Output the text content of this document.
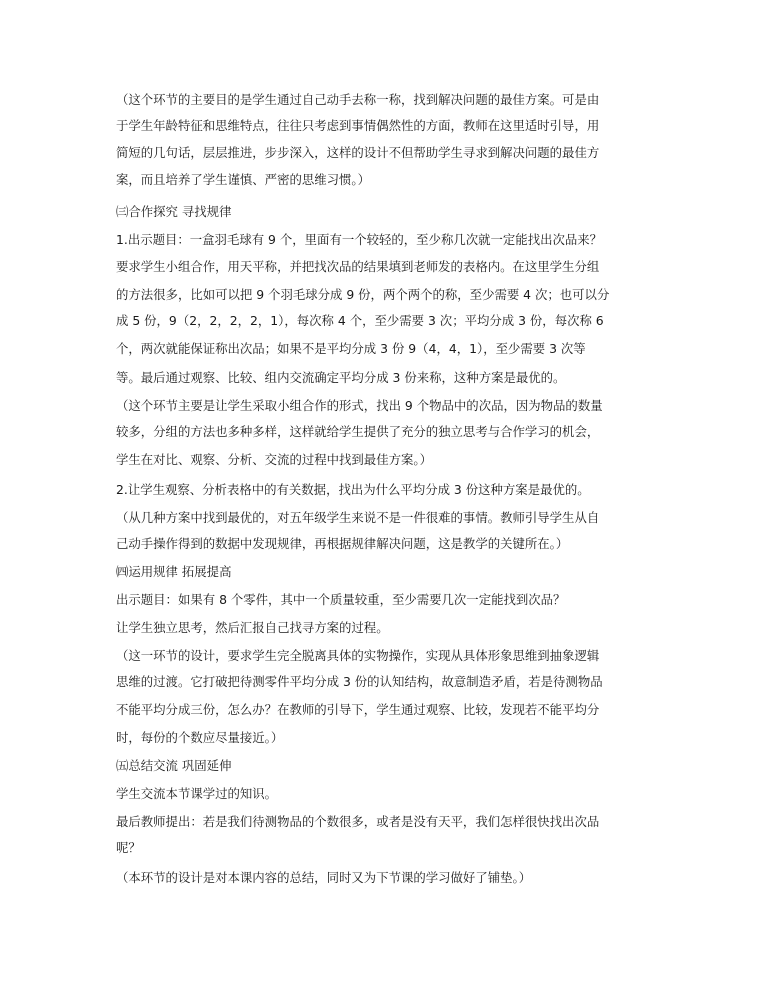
（这个环节的主要目的是学生通过自己动手去称一称，找到解决问题的最佳方案。可是由
于学生年龄特征和思维特点，往往只考虑到事情偶然性的方面，教师在这里适时引导，用
简短的几句话，层层推进，步步深入，这样的设计不但帮助学生寻求到解决问题的最佳方
案，而且培养了学生谨慎、严密的思维习惯。）
㈢合作探究 寻找规律
1.出示题目：一盒羽毛球有 9 个，里面有一个较轻的，至少称几次就一定能找出次品来？
要求学生小组合作，用天平称，并把找次品的结果填到老师发的表格内。在这里学生分组
的方法很多，比如可以把 9 个羽毛球分成 9 份，两个两个的称，至少需要 4 次；也可以分
成 5 份，9（2，2，2，2，1），每次称 4 个，至少需要 3 次；平均分成 3 份，每次称 6
个，两次就能保证称出次品；如果不是平均分成 3 份 9（4，4，1），至少需要 3 次等
等。最后通过观察、比较、组内交流确定平均分成 3 份来称，这种方案是最优的。
（这个环节主要是让学生采取小组合作的形式，找出 9 个物品中的次品，因为物品的数量
较多，分组的方法也多种多样，这样就给学生提供了充分的独立思考与合作学习的机会，
学生在对比、观察、分析、交流的过程中找到最佳方案。）
2.让学生观察、分析表格中的有关数据，找出为什么平均分成 3 份这种方案是最优的。
（从几种方案中找到最优的，对五年级学生来说不是一件很难的事情。教师引导学生从自
己动手操作得到的数据中发现规律，再根据规律解决问题，这是教学的关键所在。）
㈣运用规律 拓展提高
出示题目：如果有 8 个零件，其中一个质量较重，至少需要几次一定能找到次品？
让学生独立思考，然后汇报自己找寻方案的过程。
（这一环节的设计，要求学生完全脱离具体的实物操作，实现从具体形象思维到抽象逻辑
思维的过渡。它打破把待测零件平均分成 3 份的认知结构，故意制造矛盾，若是待测物品
不能平均分成三份，怎么办？在教师的引导下，学生通过观察、比较，发现若不能平均分
时，每份的个数应尽量接近。）
㈤总结交流 巩固延伸
学生交流本节课学过的知识。
最后教师提出：若是我们待测物品的个数很多，或者是没有天平，我们怎样很快找出次品
呢？
（本环节的设计是对本课内容的总结，同时又为下节课的学习做好了铺垫。）
